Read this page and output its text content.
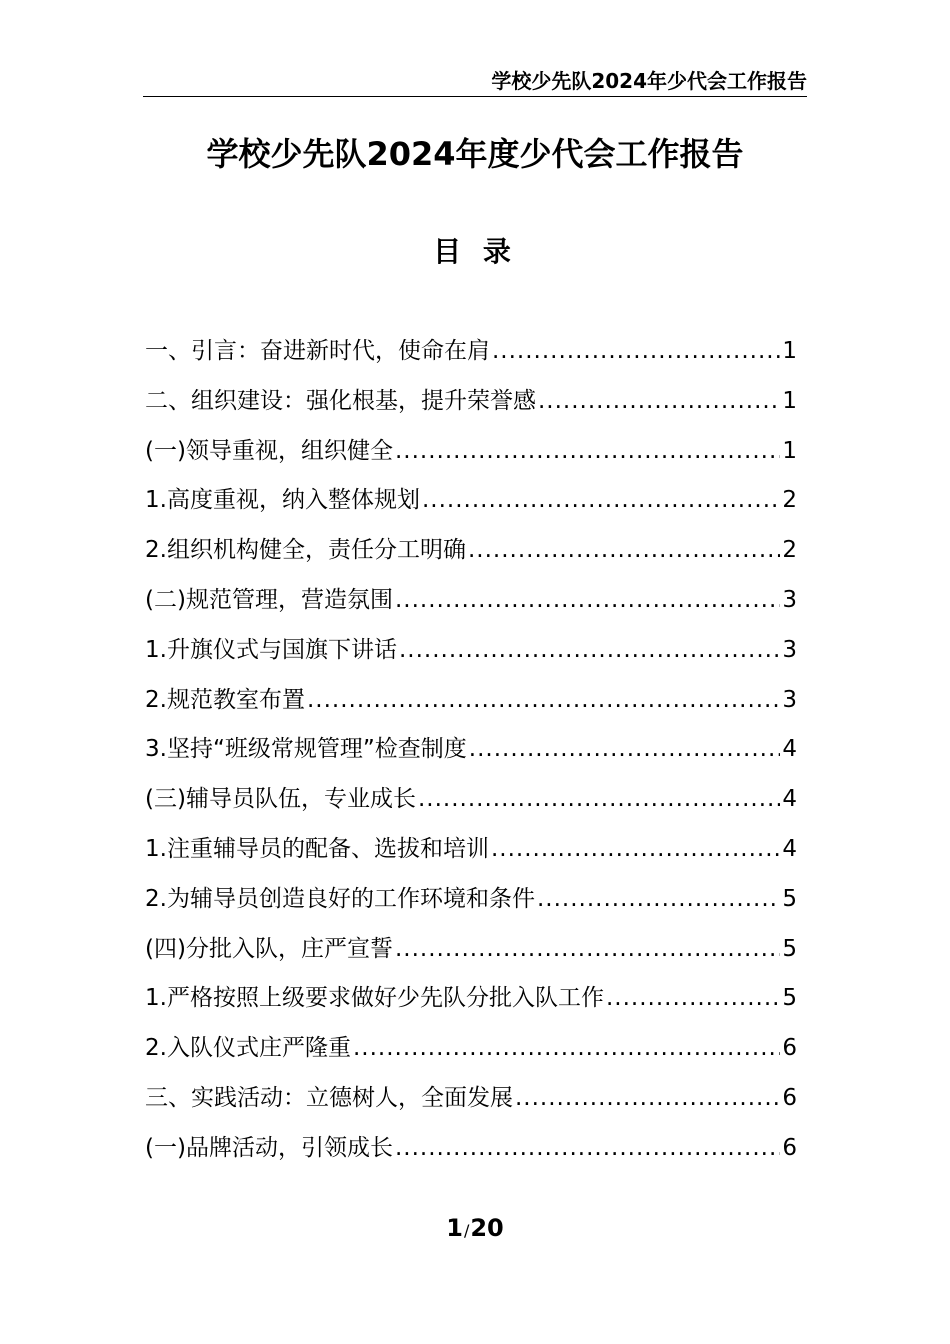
学校少先队2024年少代会工作报告
学校少先队2024年度少代会工作报告
目 录
一、引言：奋进新时代，使命在肩 .....	1
二、组织建设：强化根基，提升荣誉感 .....	1
(一)领导重视，组织健全 .....	1
1.高度重视，纳入整体规划 .....	2
2.组织机构健全，责任分工明确 .....	2
(二)规范管理，营造氛围 .....	3
1.升旗仪式与国旗下讲话 .....	3
2.规范教室布置 .....	3
3.坚持“班级常规管理”检查制度 .....	4
(三)辅导员队伍，专业成长 .....	4
1.注重辅导员的配备、选拔和培训 .....	4
2.为辅导员创造良好的工作环境和条件 .....	5
(四)分批入队，庄严宣誓 .....	5
1.严格按照上级要求做好少先队分批入队工作 .....	5
2.入队仪式庄严隆重 .....	6
三、实践活动：立德树人，全面发展 .....	6
(一)品牌活动，引领成长 .....	6
1/20
